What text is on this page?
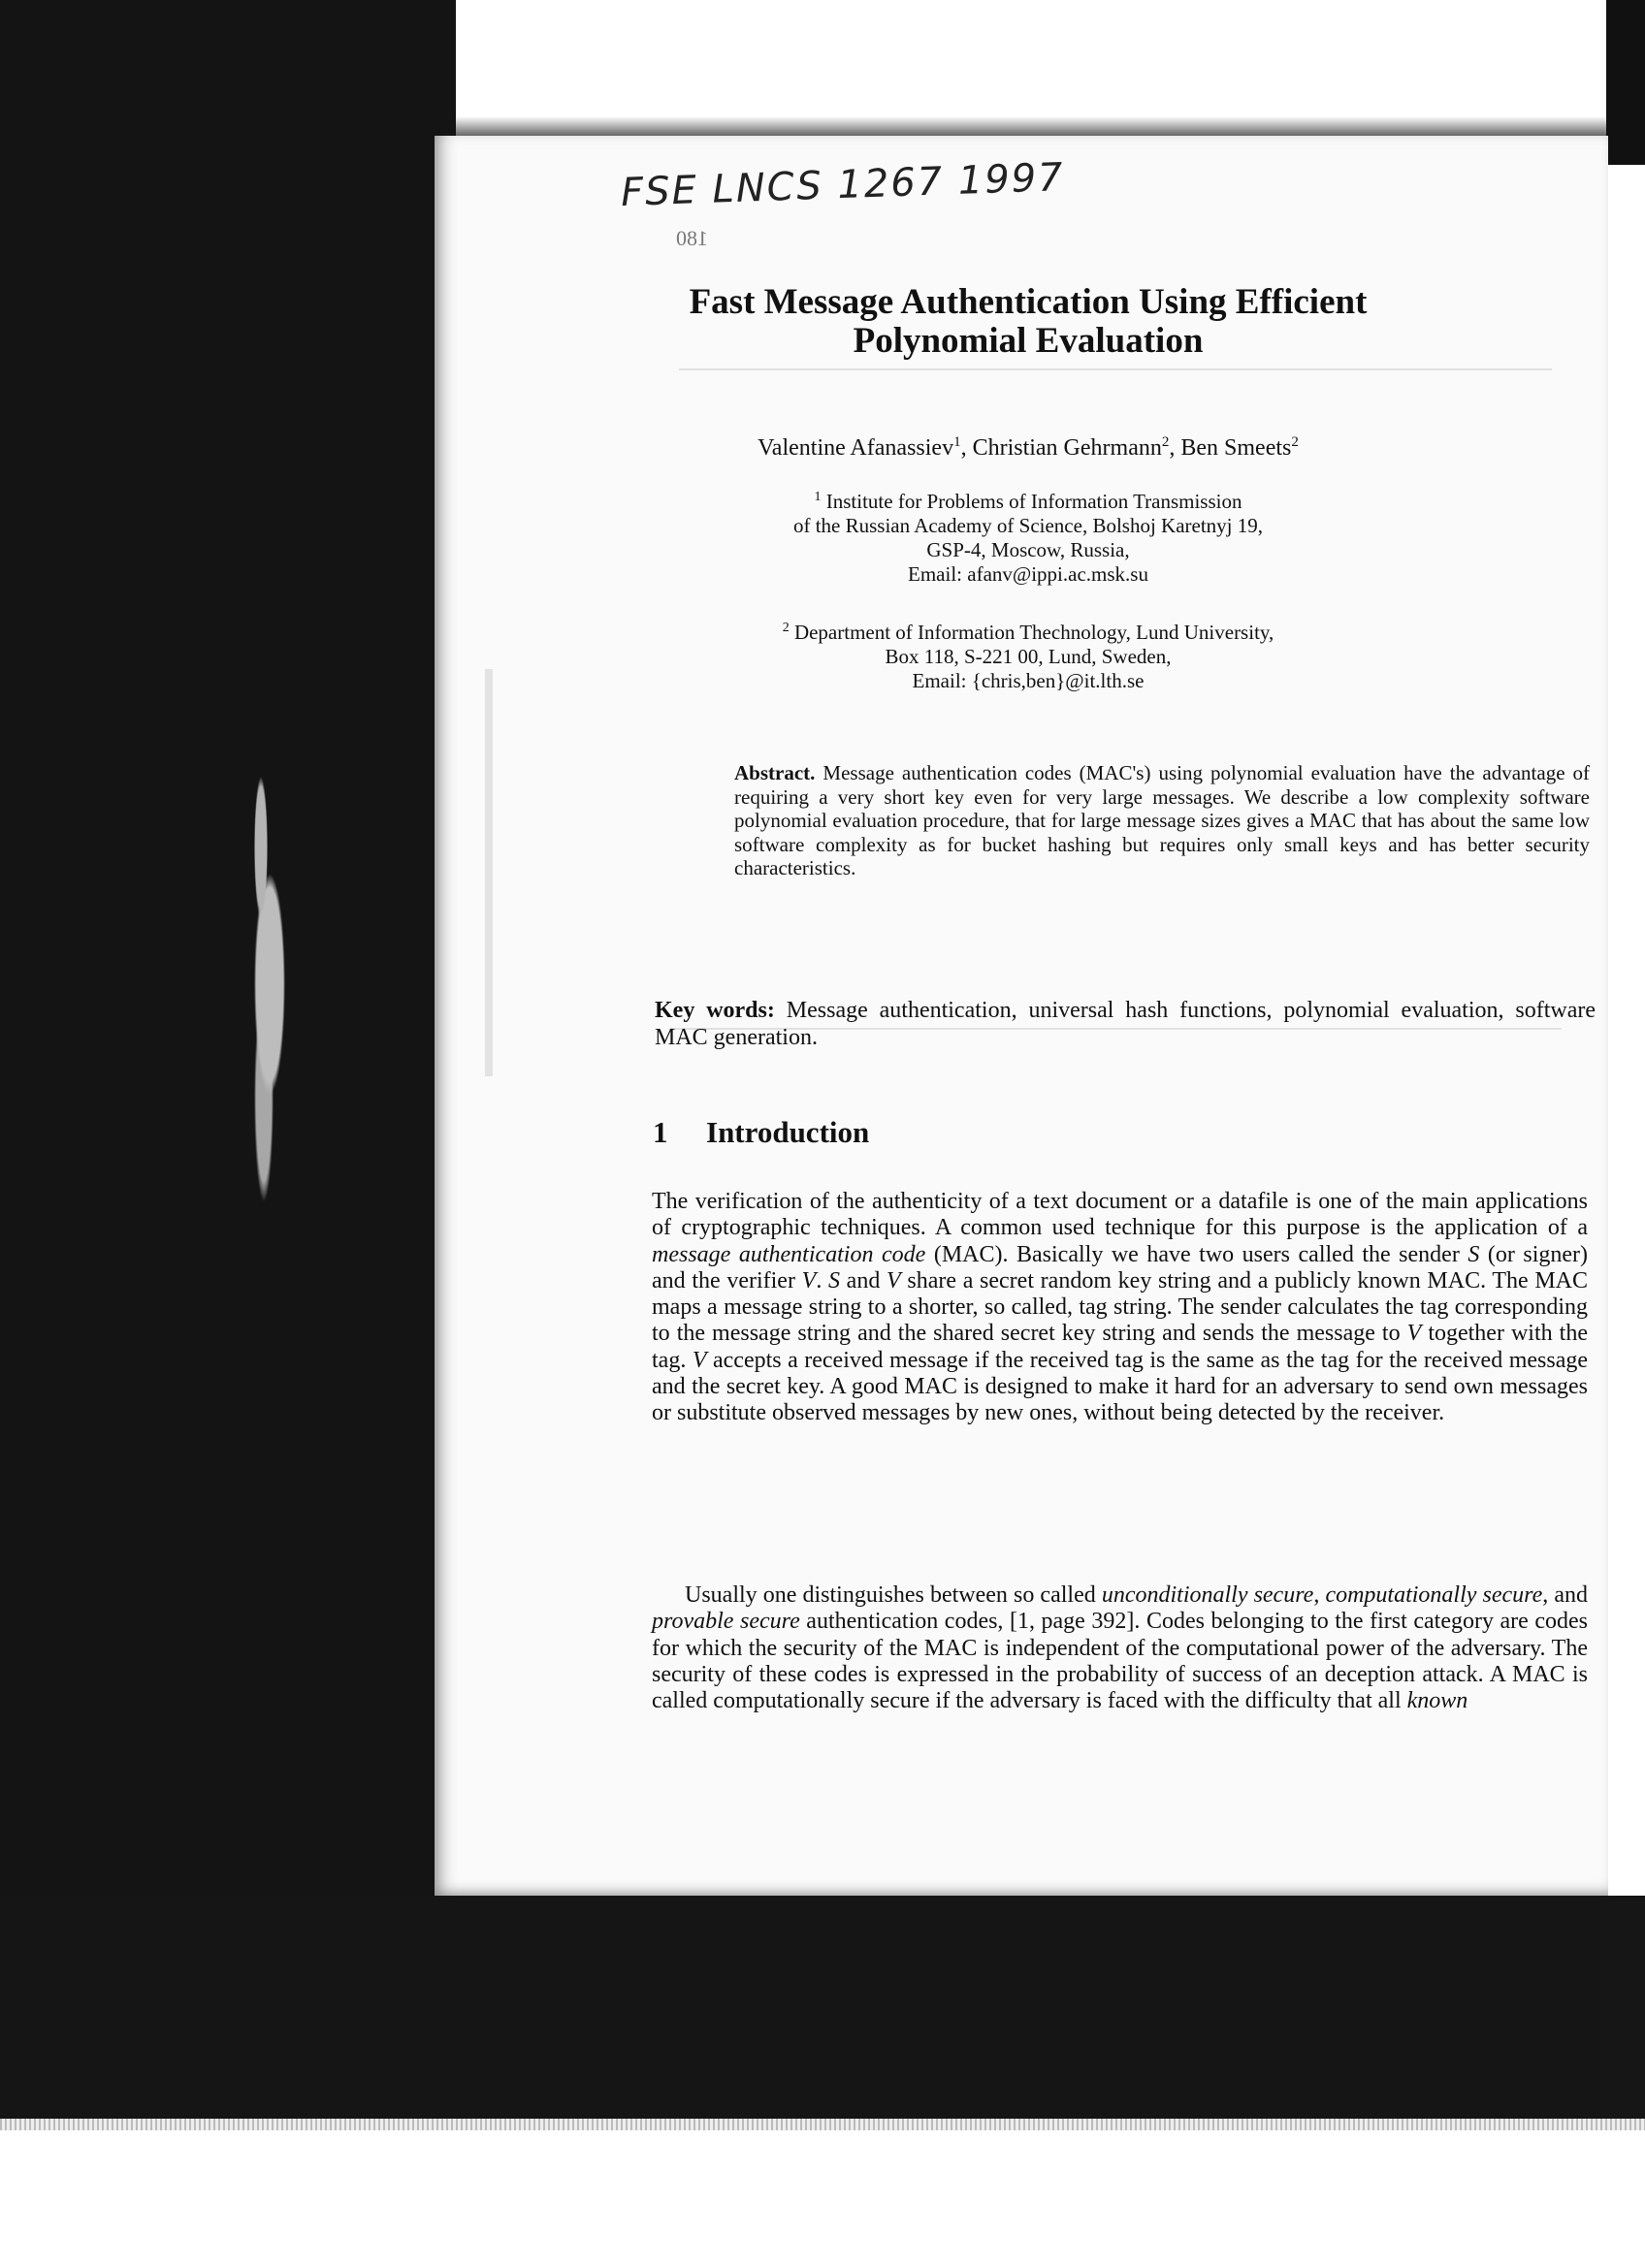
FSE LNCS 1267 1997
180
Fast Message Authentication Using Efficient
Polynomial Evaluation
Valentine Afanassiev$^1$, Christian Gehrmann$^2$, Ben Smeets$^2$
$^1$ Institute for Problems of Information Transmission
of the Russian Academy of Science, Bolshoj Karetnyj 19,
GSP-4, Moscow, Russia,
Email: afanv@ippi.ac.msk.su
$^2$ Department of Information Thechnology, Lund University,
Box 118, S-221 00, Lund, Sweden,
Email: {chris,ben}@it.lth.se
Abstract. Message authentication codes (MAC's) using polynomial evaluation have the advantage of requiring a very short key even for very large messages. We describe a low complexity software polynomial evaluation procedure, that for large message sizes gives a MAC that has about the same low software complexity as for bucket hashing but requires only small keys and has better security characteristics.
Key words: Message authentication, universal hash functions, polynomial evaluation, software MAC generation.
1 Introduction
The verification of the authenticity of a text document or a datafile is one of the main applications of cryptographic techniques. A common used technique for this purpose is the application of a message authentication code (MAC). Basically we have two users called the sender S (or signer) and the verifier V. S and V share a secret random key string and a publicly known MAC. The MAC maps a message string to a shorter, so called, tag string. The sender calculates the tag corresponding to the message string and the shared secret key string and sends the message to V together with the tag. V accepts a received message if the received tag is the same as the tag for the received message and the secret key. A good MAC is designed to make it hard for an adversary to send own messages or substitute observed messages by new ones, without being detected by the receiver.
Usually one distinguishes between so called unconditionally secure, computationally secure, and provable secure authentication codes, [1, page 392]. Codes belonging to the first category are codes for which the security of the MAC is independent of the computational power of the adversary. The security of these codes is expressed in the probability of success of an deception attack. A MAC is called computationally secure if the adversary is faced with the difficulty that all known
